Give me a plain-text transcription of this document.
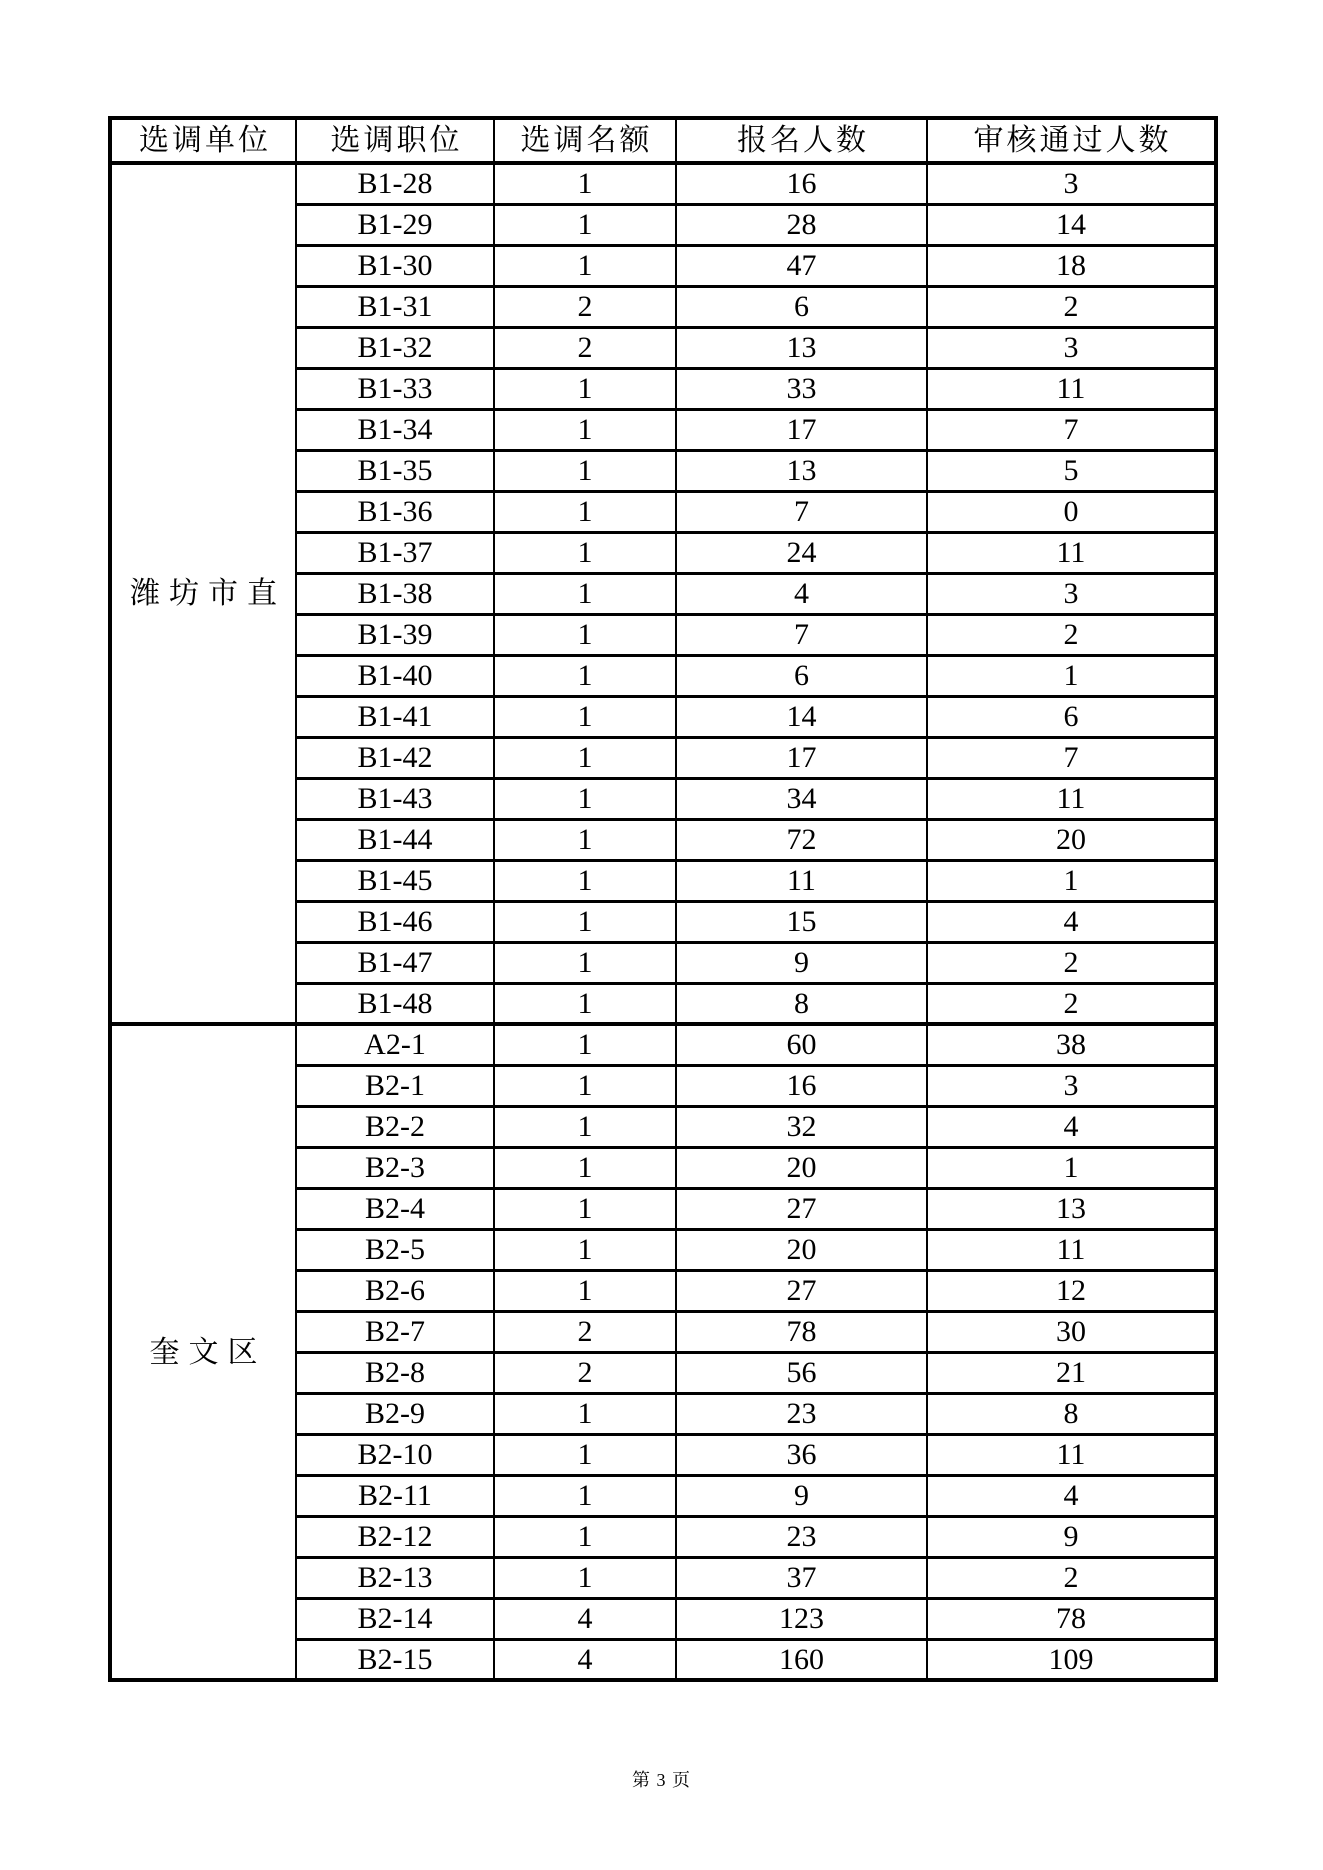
选调单位	选调职位	选调名额	报名人数	审核通过人数
潍坊市直	B1-28	1	16	3
	B1-29	1	28	14
	B1-30	1	47	18
	B1-31	2	6	2
	B1-32	2	13	3
	B1-33	1	33	11
	B1-34	1	17	7
	B1-35	1	13	5
	B1-36	1	7	0
	B1-37	1	24	11
	B1-38	1	4	3
	B1-39	1	7	2
	B1-40	1	6	1
	B1-41	1	14	6
	B1-42	1	17	7
	B1-43	1	34	11
	B1-44	1	72	20
	B1-45	1	11	1
	B1-46	1	15	4
	B1-47	1	9	2
	B1-48	1	8	2
奎文区	A2-1	1	60	38
	B2-1	1	16	3
	B2-2	1	32	4
	B2-3	1	20	1
	B2-4	1	27	13
	B2-5	1	20	11
	B2-6	1	27	12
	B2-7	2	78	30
	B2-8	2	56	21
	B2-9	1	23	8
	B2-10	1	36	11
	B2-11	1	9	4
	B2-12	1	23	9
	B2-13	1	37	2
	B2-14	4	123	78
	B2-15	4	160	109
第 3 页
